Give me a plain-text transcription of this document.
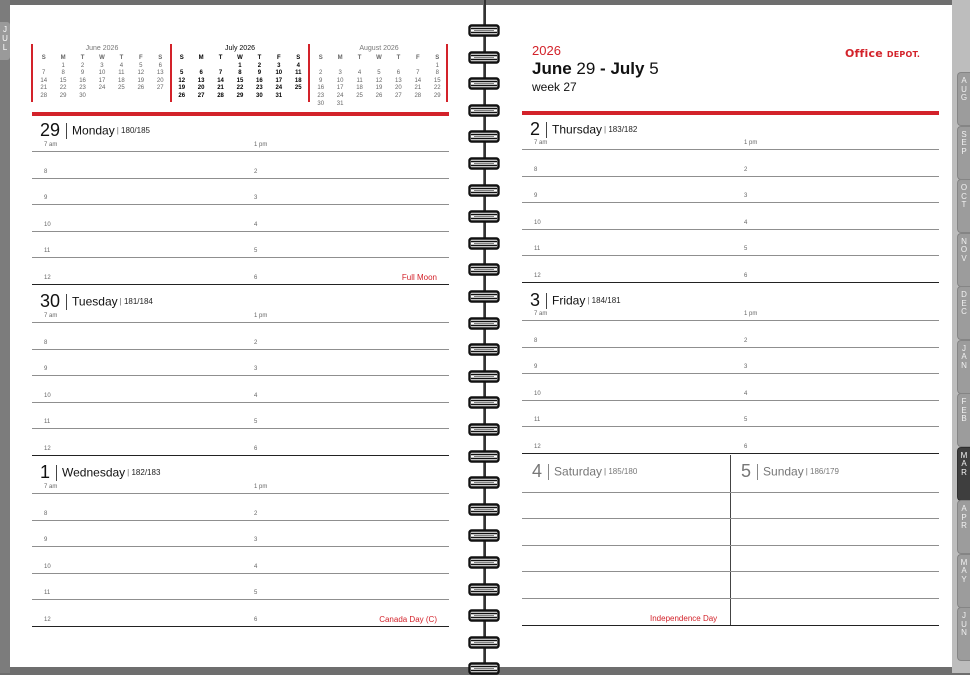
J
U
L
A
U
G
S
E
P
O
C
T
N
O
V
D
E
C
J
A
N
F
E
B
M
A
R
A
P
R
M
A
Y
J
U
N
June 2026
S	M	T	W	T	F	S
	1	2	3	4	5	6
7	8	9	10	11	12	13
14	15	16	17	18	19	20
21	22	23	24	25	26	27
28	29	30				
July 2026
S	M	T	W	T	F	S
			1	2	3	4
5	6	7	8	9	10	11
12	13	14	15	16	17	18
19	20	21	22	23	24	25
26	27	28	29	30	31	
August 2026
S	M	T	W	T	F	S
						1
2	3	4	5	6	7	8
9	10	11	12	13	14	15
16	17	18	19	20	21	22
23	24	25	26	27	28	29
30	31					
2026
June 29 - July 5
week 27
Office DEPOT.
29 Monday | 180/185
7 am	1 pm
8	2
9	3
10	4
11	5
12	6	Full Moon
30 Tuesday | 181/184
7 am	1 pm
8	2
9	3
10	4
11	5
12	6
1 Wednesday | 182/183
7 am	1 pm
8	2
9	3
10	4
11	5
12	6	Canada Day (C)
2 Thursday | 183/182
7 am	1 pm
8	2
9	3
10	4
11	5
12	6
3 Friday | 184/181
7 am	1 pm
8	2
9	3
10	4
11	5
12	6
4 Saturday | 185/180	5 Sunday | 186/179
Independence Day
